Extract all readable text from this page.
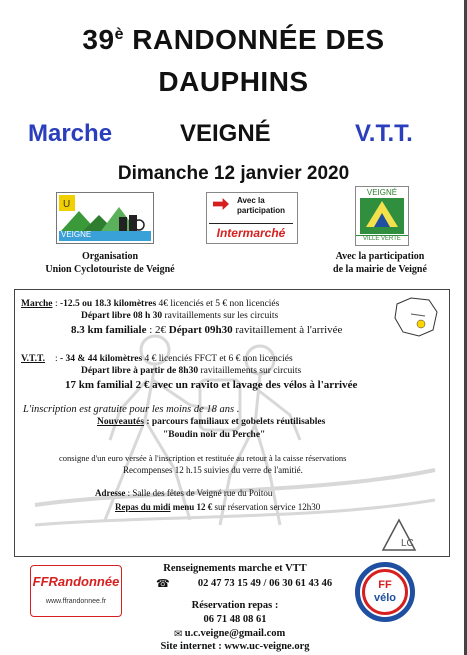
$39^è$ RANDONNÉE DES
DAUPHINS
Marche	VEIGNÉ	V.T.T.
Dimanche 12 janvier 2020
U
VEIGNE
Avec la
participation
Intermarché
VEIGNÉ
VILLE VERTE
Organisation
Union Cyclotouriste de Veigné
Avec la participation
de la mairie de Veigné
Marche : -12.5 ou 18.3 kilomètres 4€ licenciés et 5 € non licenciés
Départ libre 08 h 30 ravitaillements sur les circuits
8.3 km familiale : 2€ Départ 09h30 ravitaillement à l'arrivée
V.T.T. : - 34 & 44 kilomètres 4 € licenciés FFCT et 6 € non licenciés
Départ libre à partir de 8h30 ravitaillements sur circuits
17 km familial 2 € avec un ravito et lavage des vélos à l'arrivée
L'inscription est gratuite pour les moins de 18 ans .
Nouveautés : parcours familiaux et gobelets réutilisables
"Boudin noir du Perche"
consigne d'un euro versée à l'inscription et restituée au retour à la caisse réservations
Recompenses 12 h.15 suivies du verre de l'amitié.
Adresse : Salle des fêtes de Veigné rue du Poitou
Repas du midi menu 12 € sur réservation service 12h30
LC
Renseignements marche et VTT
☎	02 47 73 15 49 / 06 30 61 43 46
Réservation repas :
06 71 48 08 61
✉ u.c.veigne@gmail.com
Site internet : www.uc-veigne.org
FFRandonnée
www.ffrandonnee.fr
FF
vélo
